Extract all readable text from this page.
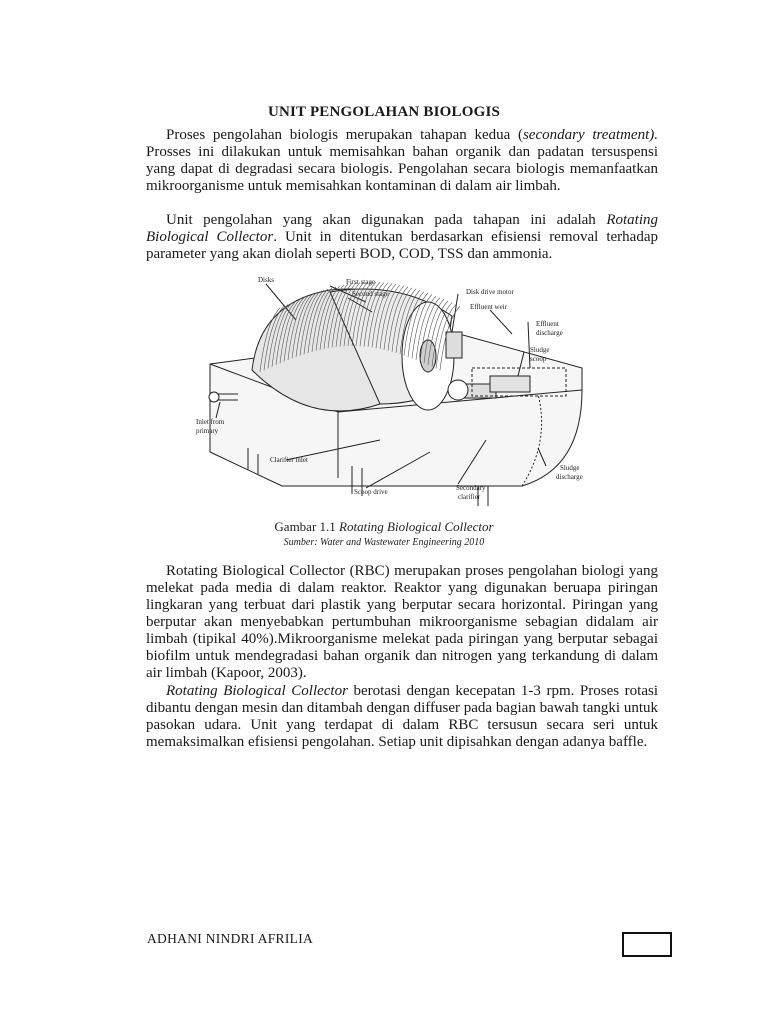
UNIT PENGOLAHAN BIOLOGIS

Proses pengolahan biologis merupakan tahapan kedua (secondary treatment). Prosses ini dilakukan untuk memisahkan bahan organik dan padatan tersuspensi yang dapat di degradasi secara biologis. Pengolahan secara biologis memanfaatkan mikroorganisme untuk memisahkan kontaminan di dalam air limbah.

Unit pengolahan yang akan digunakan pada tahapan ini adalah Rotating Biological Collector. Unit in ditentukan berdasarkan efisiensi removal terhadap parameter yang akan diolah seperti BOD, COD, TSS dan ammonia.

Disks	First stage
Second stage	Disk drive motor
Effluent weir
Effluent
discharge
Sludge
scoop
Inlet from
primary
Clarifier inlet
Scoop drive	Secondary
clarifier
Sludge
discharge
Gambar 1.1 Rotating Biological Collector
Sumber: Water and Wastewater Engineering 2010

Rotating Biological Collector (RBC) merupakan proses pengolahan biologi yang melekat pada media di dalam reaktor. Reaktor yang digunakan beruapa piringan lingkaran yang terbuat dari plastik yang berputar secara horizontal. Piringan yang berputar akan menyebabkan pertumbuhan mikroorganisme sebagian didalam air limbah (tipikal 40%).Mikroorganisme melekat pada piringan yang berputar sebagai biofilm untuk mendegradasi bahan organik dan nitrogen yang terkandung di dalam air limbah (Kapoor, 2003).

Rotating Biological Collector berotasi dengan kecepatan 1-3 rpm. Proses rotasi dibantu dengan mesin dan ditambah dengan diffuser pada bagian bawah tangki untuk pasokan udara. Unit yang terdapat di dalam RBC tersusun secara seri untuk memaksimalkan efisiensi pengolahan. Setiap unit dipisahkan dengan adanya baffle.

ADHANI NINDRI AFRILIA
